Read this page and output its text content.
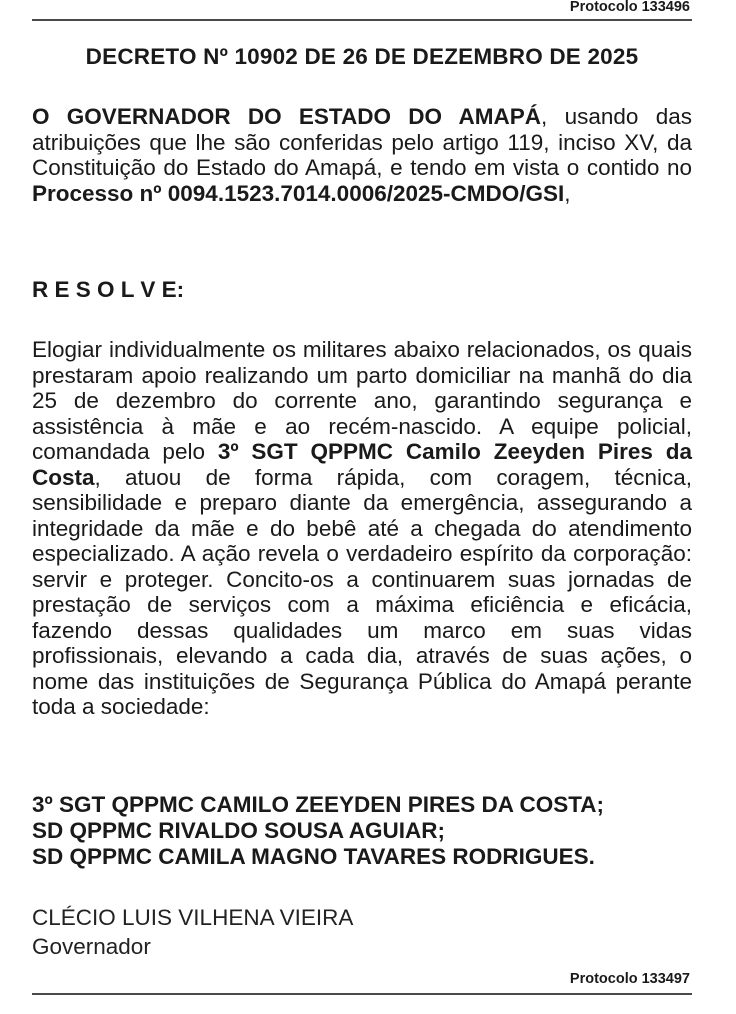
Protocolo 133496
DECRETO Nº 10902 DE 26 DE DEZEMBRO DE 2025
O GOVERNADOR DO ESTADO DO AMAPÁ, usando das atribuições que lhe são conferidas pelo artigo 119, inciso XV, da Constituição do Estado do Amapá, e tendo em vista o contido no Processo nº 0094.1523.7014.0006/2025-CMDO/GSI,
R E S O L V E:
Elogiar individualmente os militares abaixo relacionados, os quais prestaram apoio realizando um parto domiciliar na manhã do dia 25 de dezembro do corrente ano, garantindo segurança e assistência à mãe e ao recém-nascido. A equipe policial, comandada pelo 3º SGT QPPMC Camilo Zeeyden Pires da Costa, atuou de forma rápida, com coragem, técnica, sensibilidade e preparo diante da emergência, assegurando a integridade da mãe e do bebê até a chegada do atendimento especializado. A ação revela o verdadeiro espírito da corporação: servir e proteger. Concito-os a continuarem suas jornadas de prestação de serviços com a máxima eficiência e eficácia, fazendo dessas qualidades um marco em suas vidas profissionais, elevando a cada dia, através de suas ações, o nome das instituições de Segurança Pública do Amapá perante toda a sociedade:
3º SGT QPPMC CAMILO ZEEYDEN PIRES DA COSTA;
SD QPPMC RIVALDO SOUSA AGUIAR;
SD QPPMC CAMILA MAGNO TAVARES RODRIGUES.
CLÉCIO LUIS VILHENA VIEIRA
Governador
Protocolo 133497
